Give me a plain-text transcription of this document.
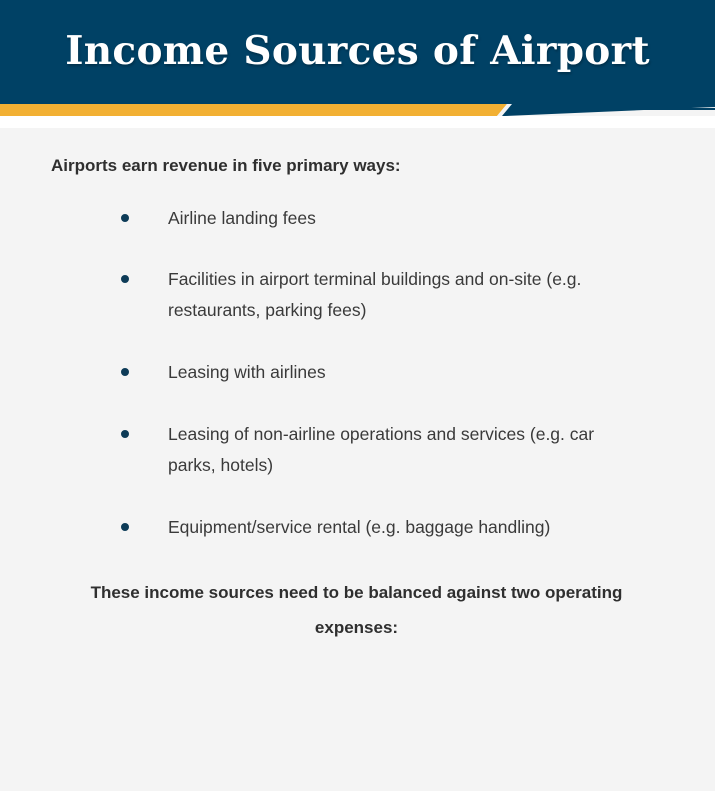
Income Sources of Airport
Airports earn revenue in five primary ways:
Airline landing fees
Facilities in airport terminal buildings and on-site (e.g. restaurants, parking fees)
Leasing with airlines
Leasing of non-airline operations and services (e.g. car parks, hotels)
Equipment/service rental (e.g. baggage handling)
These income sources need to be balanced against two operating expenses:
